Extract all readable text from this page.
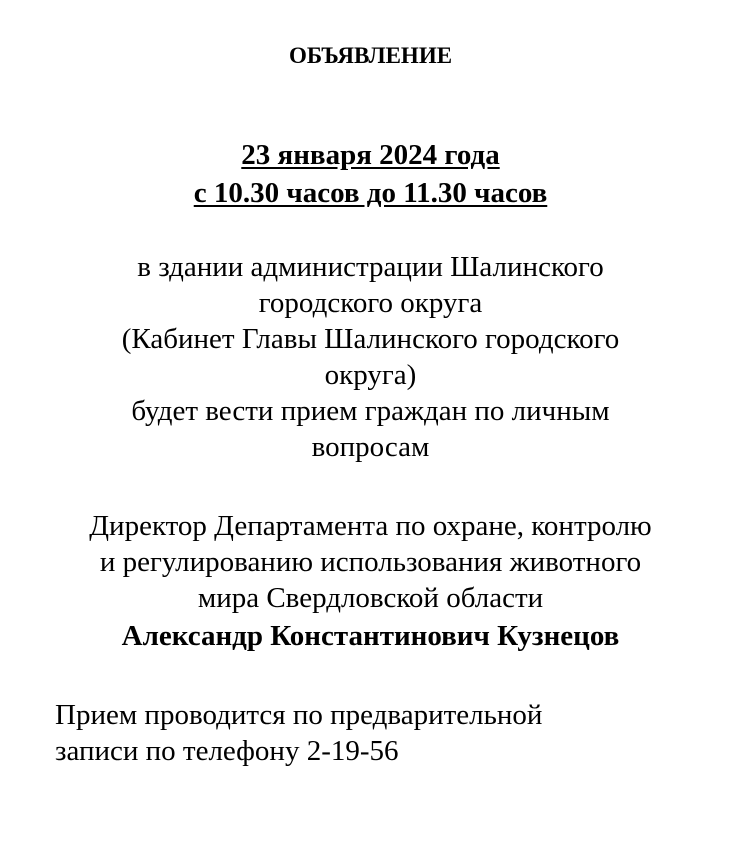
ОБЪЯВЛЕНИЕ
23 января 2024 года
с 10.30 часов до 11.30 часов
в здании администрации Шалинского
городского округа
(Кабинет Главы Шалинского городского
округа)
будет вести прием граждан по личным
вопросам
Директор Департамента по охране, контролю
и регулированию использования животного
мира Свердловской области
Александр Константинович Кузнецов
Прием проводится по предварительной
записи по телефону 2-19-56
